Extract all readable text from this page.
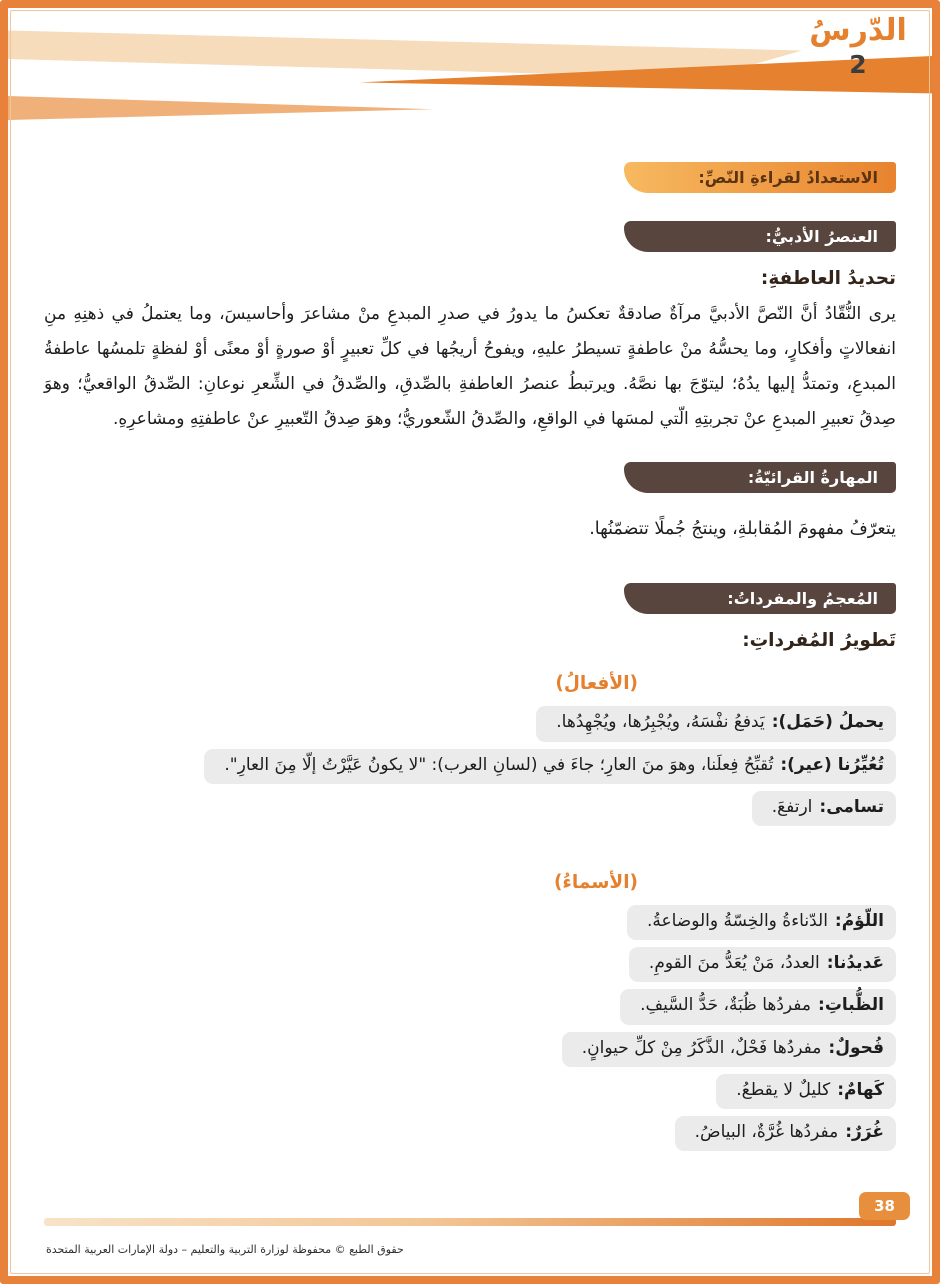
الدّرسُ
2
الاستعدادُ لقراءةِ النّصِّ:
العنصرُ الأدبيُّ:
تحديدُ العاطفةِ:

يرى النُّقّادُ أنَّ النّصَّ الأدبيَّ مرآةٌ صادقةٌ تعكسُ ما يدورُ في صدرِ المبدعِ منْ مشاعرَ وأحاسيسَ، وما يعتملُ في ذهنِهِ منِ انفعالاتٍ وأفكارٍ، وما يحسُّهُ منْ عاطفةٍ تسيطرُ عليهِ، ويفوحُ أريجُها في كلِّ تعبيرٍ أوْ صورةٍ أوْ معنًى أوْ لفظةٍ تلمسُها عاطفةُ المبدعِ، وتمتدُّ إليها يدُهُ؛ ليتوّجَ بها نصَّهُ. ويرتبطُ عنصرُ العاطفةِ بالصِّدقِ، والصِّدقُ في الشِّعرِ نوعانِ: الصِّدقُ الواقعيُّ؛ وهوَ صِدقُ تعبيرِ المبدعِ عنْ تجربتِهِ الّتي لمسَها في الواقعِ، والصِّدقُ الشّعوريُّ؛ وهوَ صِدقُ التّعبيرِ عنْ عاطفتِهِ ومشاعرِهِ.

المهارةُ القرائيّةُ:

يتعرّفُ مفهومَ المُقابلةِ، وينتجُ جُملًا تتضمّنُها.

المُعجمُ والمفرداتُ:
تَطويرُ المُفرداتِ:
(الأفعالُ)
يحملُ (حَمَل):يَدفعُ نفْسَهُ، ويُجْبِرُها، ويُجْهِدُها.
تُعُيِّرُنا (عير):تُقبِّحُ فِعلَنا، وهوَ منَ العارِ؛ جاءَ في (لسانِ العرب): "لا يكونُ عَيَّرْتُ إلّا مِنَ العارِ".
تسامى:ارتفعَ.
(الأسماءُ)
اللّؤمُ:الدّناءةُ والخِسّةُ والوضاعةُ.
عَديدُنا:العددُ، مَنْ يُعَدُّ منَ القومِ.
الظُّباتِ:مفردُها ظُبَةٌ، حَدُّ السَّيفِ.
فُحولٌ:مفردُها فَحْلٌ، الذَّكَرُ مِنْ كلِّ حيوانٍ.
كَهامٌ:كليلٌ لا يقطعُ.
غُرَرٌ:مفردُها غُرَّةٌ، البياضُ.
38
حقوق الطبع © محفوظة لوزارة التربية والتعليم – دولة الإمارات العربية المتحدة
